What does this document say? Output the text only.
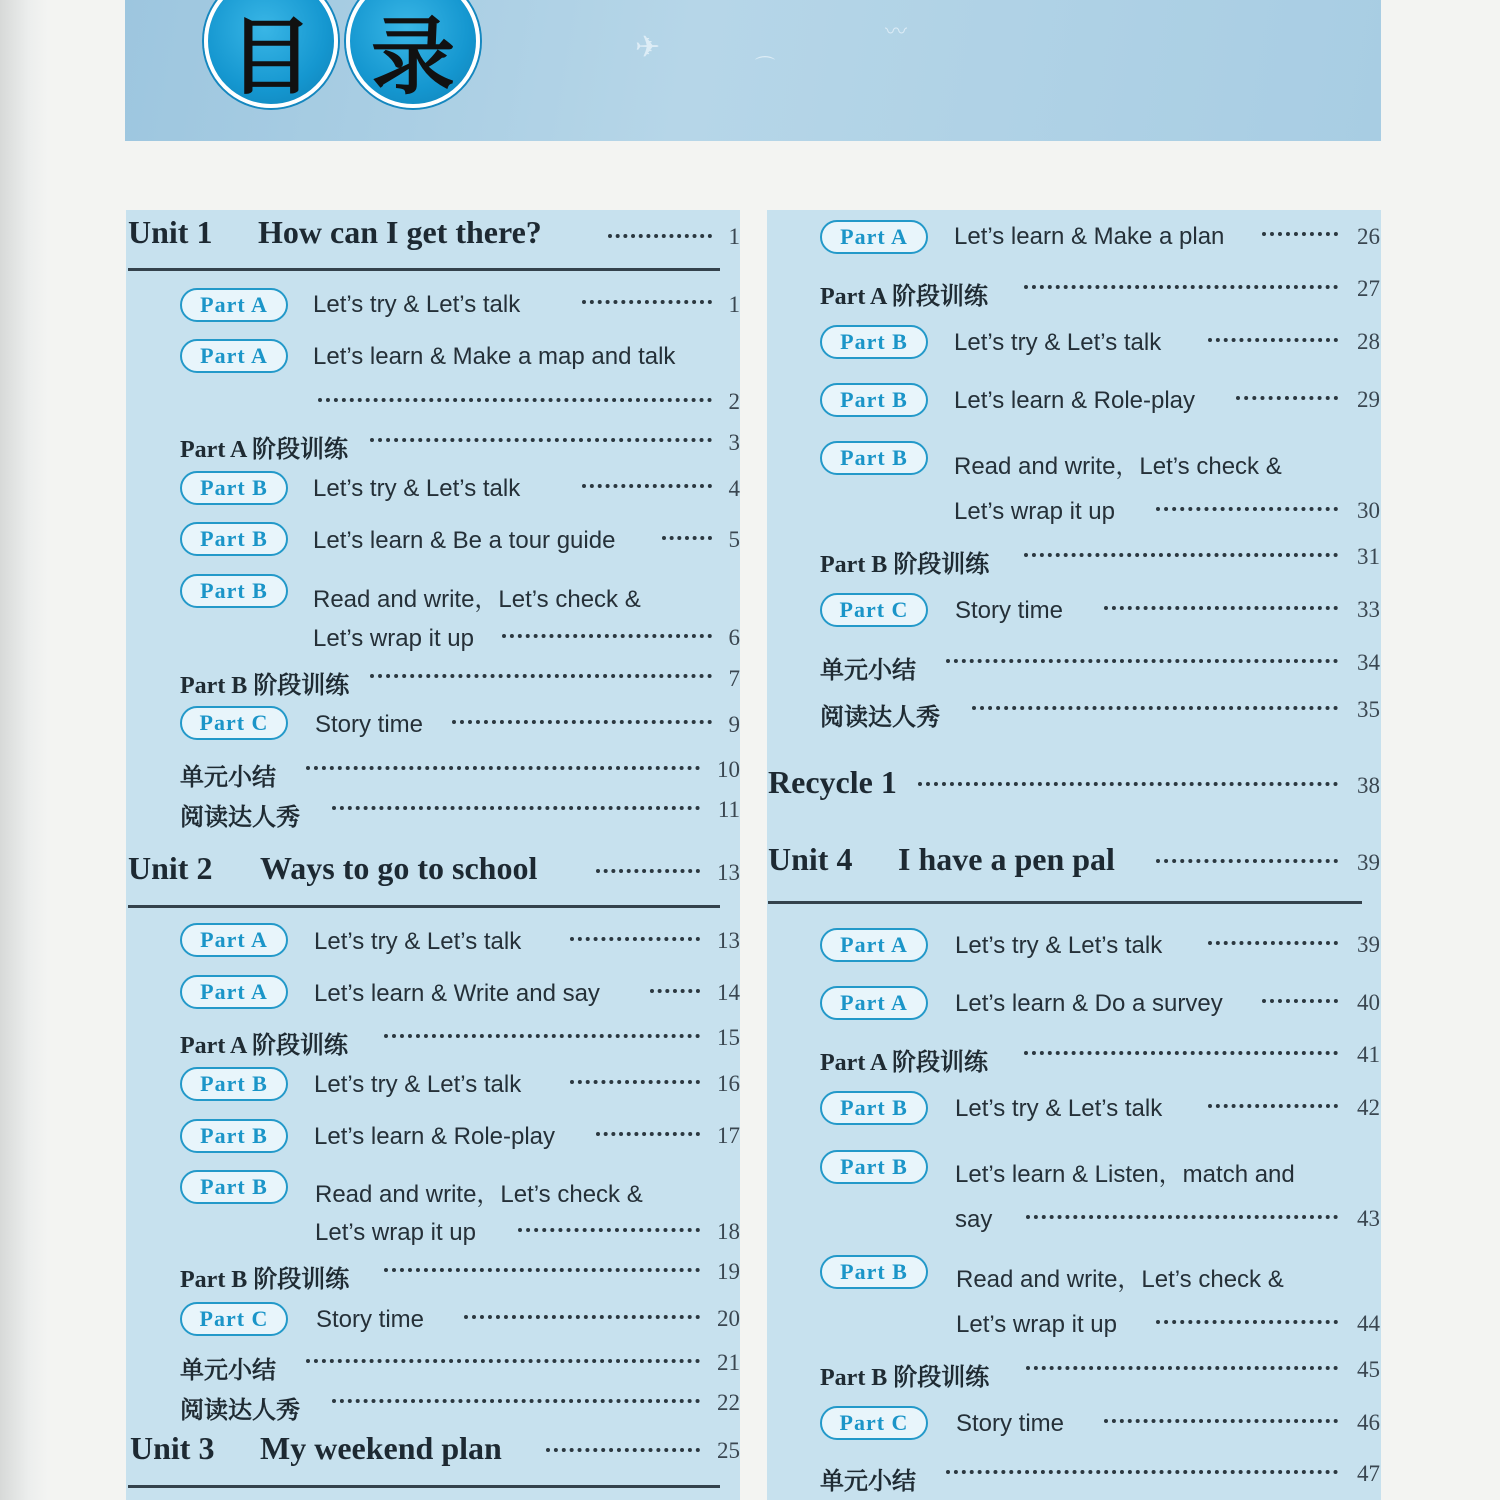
✈	〰
⌒
目 录
Unit 1 How can I get there?	1
Part A	Let’s try & Let’s talk	1
Part A	Let’s learn & Make a map and talk
2
Part A 阶段训练	3
Part B	Let’s try & Let’s talk	4
Part B	Let’s learn & Be a tour guide	5
Part B	Read and write，Let’s check &
Let’s wrap it up	6
Part B 阶段训练	7
Part C	Story time	9
单元小结	10
阅读达人秀	11
Unit 2 Ways to go to school	13
Part A	Let’s try & Let’s talk	13
Part A	Let’s learn & Write and say	14
Part A 阶段训练	15
Part B	Let’s try & Let’s talk	16
Part B	Let’s learn & Role-play	17
Part B	Read and write，Let’s check &
Let’s wrap it up	18
Part B 阶段训练	19
Part C	Story time	20
单元小结	21
阅读达人秀	22
Unit 3 My weekend plan	25
Part A	Let’s learn & Make a plan	26
Part A 阶段训练	27
Part B	Let’s try & Let’s talk	28
Part B	Let’s learn & Role-play	29
Part B	Read and write，Let’s check &
Let’s wrap it up	30
Part B 阶段训练	31
Part C	Story time	33
单元小结	34
阅读达人秀	35
Recycle 1	38
Unit 4 I have a pen pal	39
Part A	Let’s try & Let’s talk	39
Part A	Let’s learn & Do a survey	40
Part A 阶段训练	41
Part B	Let’s try & Let’s talk	42
Part B	Let’s learn & Listen，match and
say	43
Part B	Read and write，Let’s check &
Let’s wrap it up	44
Part B 阶段训练	45
Part C	Story time	46
单元小结	47
